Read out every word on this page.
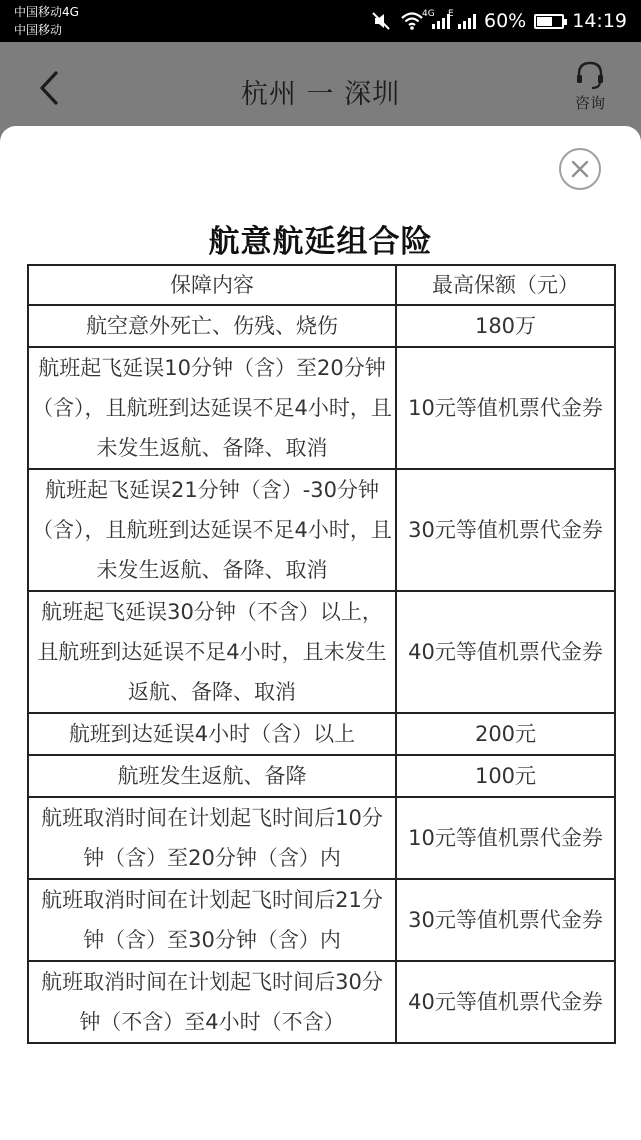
中国移动4G
中国移动
4G E 60% 14:19
杭州 一 深圳	咨询
航意航延组合险
保障内容	最高保额（元）
航空意外死亡、伤残、烧伤	180万
航班起飞延误10分钟（含）至20分钟（含），且航班到达延误不足4小时，且未发生返航、备降、取消	10元等值机票代金券
航班起飞延误21分钟（含）-30分钟（含），且航班到达延误不足4小时，且未发生返航、备降、取消	30元等值机票代金券
航班起飞延误30分钟（不含）以上，且航班到达延误不足4小时，且未发生返航、备降、取消	40元等值机票代金券
航班到达延误4小时（含）以上	200元
航班发生返航、备降	100元
航班取消时间在计划起飞时间后10分钟（含）至20分钟（含）内	10元等值机票代金券
航班取消时间在计划起飞时间后21分钟（含）至30分钟（含）内	30元等值机票代金券
航班取消时间在计划起飞时间后30分钟（不含）至4小时（不含）	40元等值机票代金券
